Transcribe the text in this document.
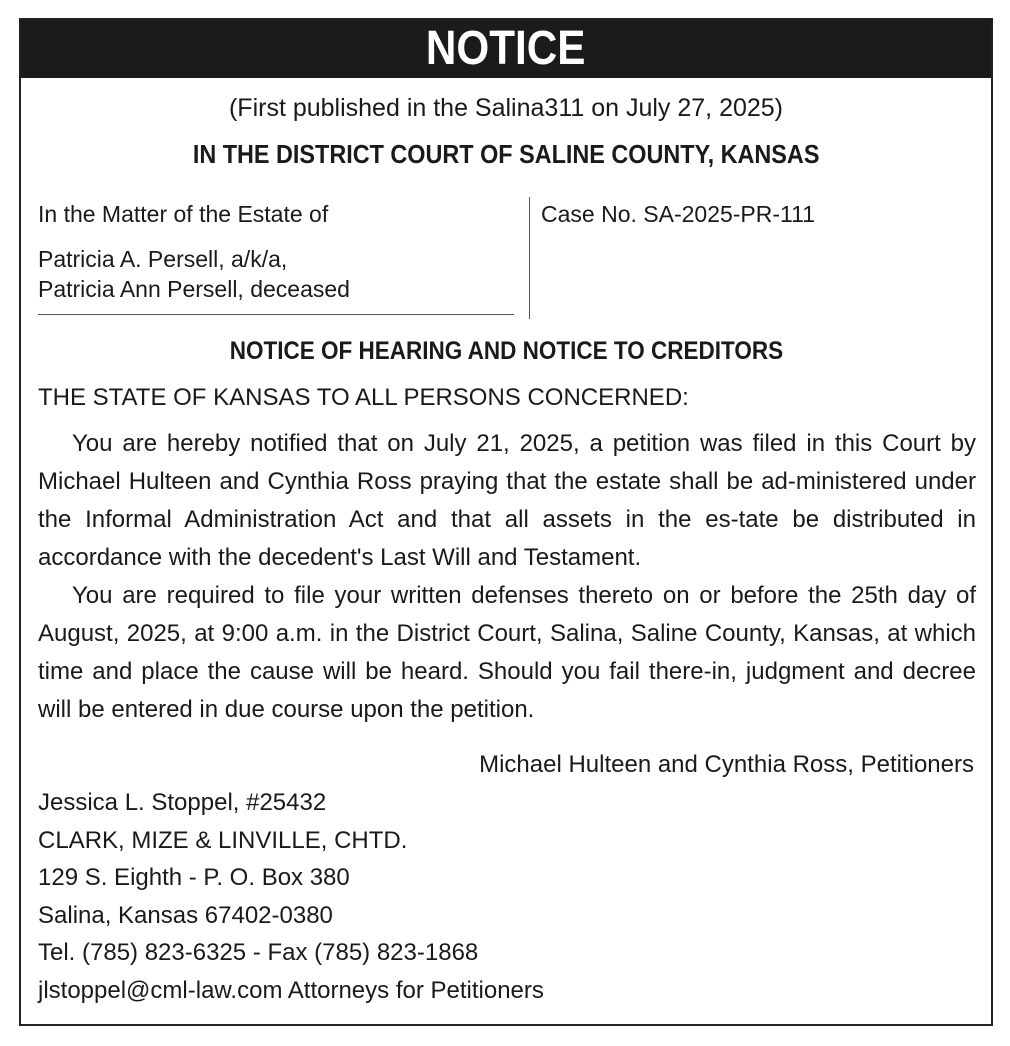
NOTICE
(First published in the Salina311 on July 27, 2025)
IN THE DISTRICT COURT OF SALINE COUNTY, KANSAS
In the Matter of the Estate of
Patricia A. Persell, a/k/a,
Patricia Ann Persell, deceased
Case No. SA-2025-PR-111
NOTICE OF HEARING AND NOTICE TO CREDITORS
THE STATE OF KANSAS TO ALL PERSONS CONCERNED:

You are hereby notified that on July 21, 2025, a petition was filed in this Court by Michael Hulteen and Cynthia Ross praying that the estate shall be ad-ministered under the Informal Administration Act and that all assets in the es-tate be distributed in accordance with the decedent's Last Will and Testament.

You are required to file your written defenses thereto on or before the 25th day of August, 2025, at 9:00 a.m. in the District Court, Salina, Saline County, Kansas, at which time and place the cause will be heard. Should you fail there-in, judgment and decree will be entered in due course upon the petition.

Michael Hulteen and Cynthia Ross, Petitioners
Jessica L. Stoppel, #25432
CLARK, MIZE & LINVILLE, CHTD.
129 S. Eighth - P. O. Box 380
Salina, Kansas 67402-0380
Tel. (785) 823-6325 - Fax (785) 823-1868
jlstoppel@cml-law.com Attorneys for Petitioners
